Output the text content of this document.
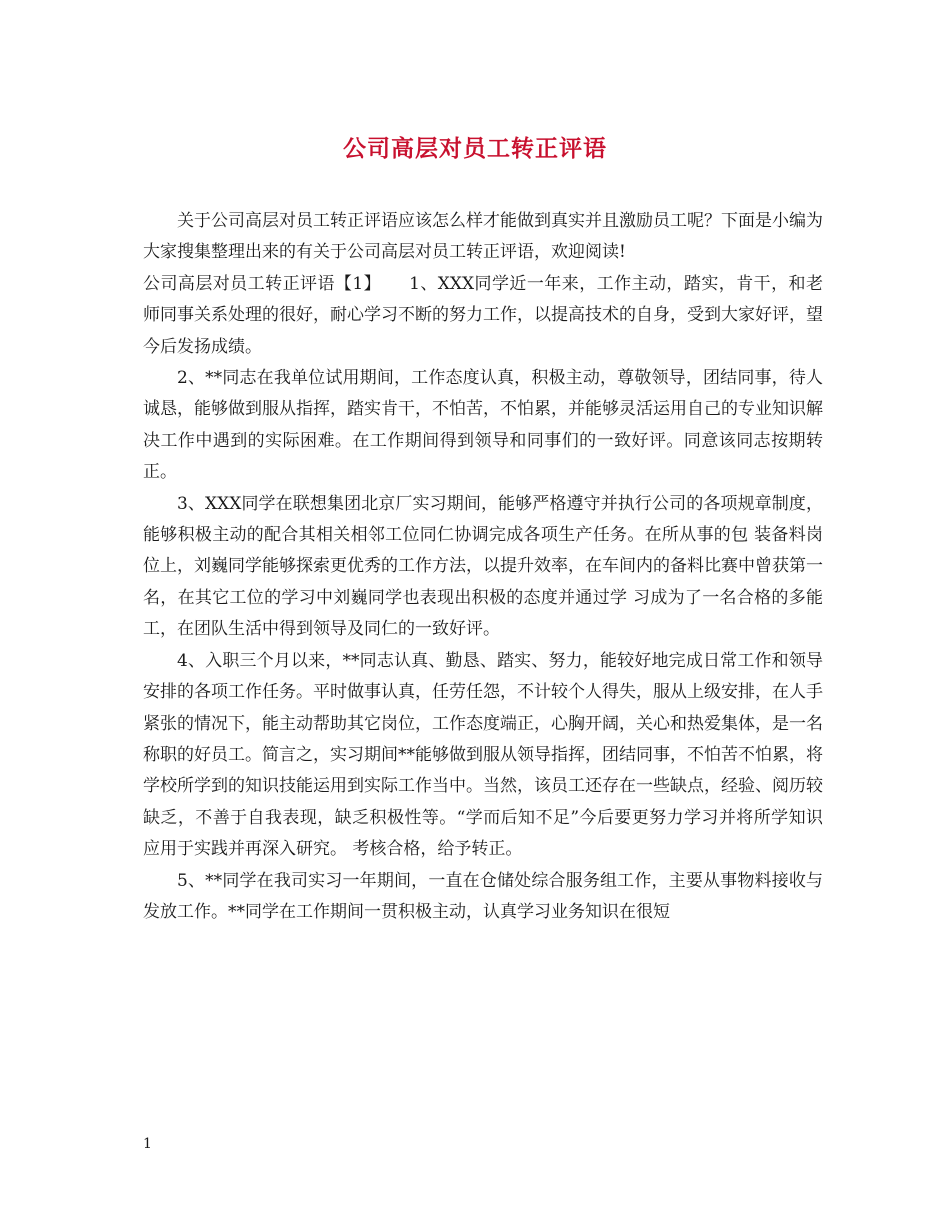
公司高层对员工转正评语

关于公司高层对员工转正评语应该怎么样才能做到真实并且激励员工呢？下面是小编为大家搜集整理出来的有关于公司高层对员工转正评语，欢迎阅读!

公司高层对员工转正评语【1】 1、XXX同学近一年来，工作主动，踏实，肯干，和老师同事关系处理的很好，耐心学习不断的努力工作，以提高技术的自身，受到大家好评，望今后发扬成绩。

2、**同志在我单位试用期间，工作态度认真，积极主动，尊敬领导，团结同事，待人诚恳，能够做到服从指挥，踏实肯干，不怕苦，不怕累，并能够灵活运用自己的专业知识解决工作中遇到的实际困难。在工作期间得到领导和同事们的一致好评。同意该同志按期转正。

3、XXX同学在联想集团北京厂实习期间，能够严格遵守并执行公司的各项规章制度，能够积极主动的配合其相关相邻工位同仁协调完成各项生产任务。在所从事的包 装备料岗位上，刘巍同学能够探索更优秀的工作方法，以提升效率，在车间内的备料比赛中曾获第一名，在其它工位的学习中刘巍同学也表现出积极的态度并通过学 习成为了一名合格的多能工，在团队生活中得到领导及同仁的一致好评。

4、入职三个月以来，**同志认真、勤恳、踏实、努力，能较好地完成日常工作和领导安排的各项工作任务。平时做事认真，任劳任怨，不计较个人得失，服从上级安排，在人手紧张的情况下，能主动帮助其它岗位，工作态度端正，心胸开阔，关心和热爱集体，是一名称职的好员工。简言之，实习期间**能够做到服从领导指挥，团结同事，不怕苦不怕累，将学校所学到的知识技能运用到实际工作当中。当然，该员工还存在一些缺点，经验、阅历较缺乏，不善于自我表现，缺乏积极性等。“学而后知不足”今后要更努力学习并将所学知识应用于实践并再深入研究。 考核合格，给予转正。

5、**同学在我司实习一年期间，一直在仓储处综合服务组工作，主要从事物料接收与发放工作。**同学在工作期间一贯积极主动，认真学习业务知识在很短

1
